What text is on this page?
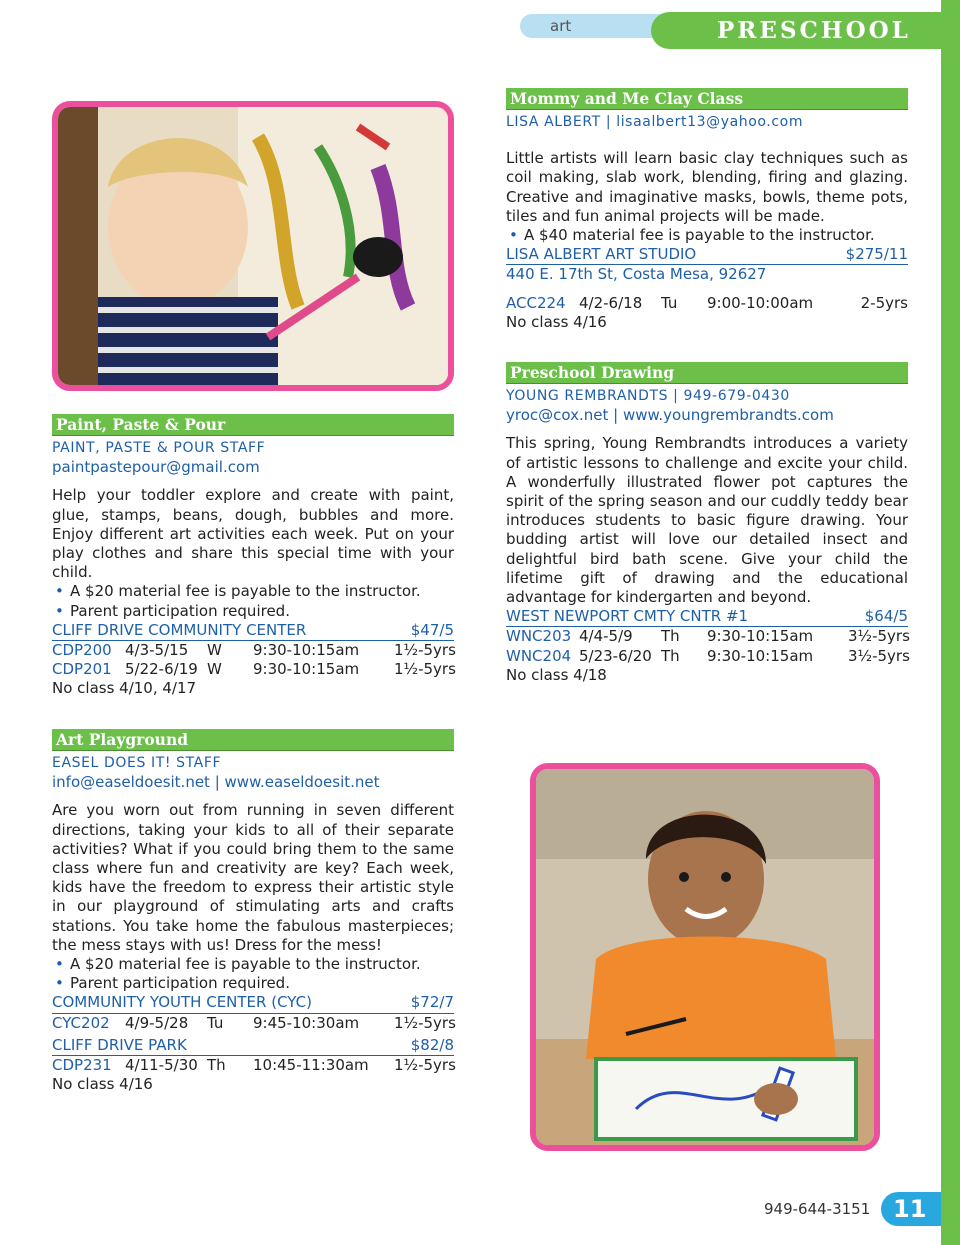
art	PRESCHOOL
Paint, Paste & Pour
PAINT, PASTE & POUR STAFF
paintpastepour@gmail.com

Help your toddler explore and create with paint, glue, stamps, beans, dough, bubbles and more. Enjoy different art activities each week. Put on your play clothes and share this special time with your child.

• A $20 material fee is payable to the instructor.
• Parent participation required.
CLIFF DRIVE COMMUNITY CENTER	$47/5
CDP200 4/3-5/15	W	9:30-10:15am	1½-5yrs
CDP201 5/22-6/19 W	9:30-10:15am	1½-5yrs
No class 4/10, 4/17
Art Playground
EASEL DOES IT! STAFF
info@easeldoesit.net | www.easeldoesit.net

Are you worn out from running in seven different directions, taking your kids to all of their separate activities? What if you could bring them to the same class where fun and creativity are key? Each week, kids have the freedom to express their artistic style in our playground of stimulating arts and crafts stations. You take home the fabulous masterpieces; the mess stays with us! Dress for the mess!

• A $20 material fee is payable to the instructor.
• Parent participation required.
COMMUNITY YOUTH CENTER (CYC)	$72/7
CYC202	4/9-5/28	Tu	9:45-10:30am	1½-5yrs
CLIFF DRIVE PARK	$82/8
CDP231 4/11-5/30 Th	10:45-11:30am	1½-5yrs
No class 4/16
Mommy and Me Clay Class
LISA ALBERT | lisaalbert13@yahoo.com

Little artists will learn basic clay techniques such as coil making, slab work, blending, firing and glazing. Creative and imaginative masks, bowls, theme pots, tiles and fun animal projects will be made.

• A $40 material fee is payable to the instructor.
LISA ALBERT ART STUDIO	$275/11
440 E. 17th St, Costa Mesa, 92627
ACC224 4/2-6/18	Tu	9:00-10:00am	2-5yrs
No class 4/16
Preschool Drawing
YOUNG REMBRANDTS | 949-679-0430
yroc@cox.net | www.youngrembrandts.com

This spring, Young Rembrandts introduces a variety of artistic lessons to challenge and excite your child. A wonderfully illustrated flower pot captures the spirit of the spring season and our cuddly teddy bear introduces students to basic figure drawing. Your budding artist will love our detailed insect and delightful bird bath scene. Give your child the lifetime gift of drawing and the educational advantage for kindergarten and beyond.

WEST NEWPORT CMTY CNTR #1	$64/5
WNC203 4/4-5/9	Th	9:30-10:15am	3½-5yrs
WNC204 5/23-6/20 Th	9:30-10:15am	3½-5yrs
No class 4/18
949-644-3151 11
